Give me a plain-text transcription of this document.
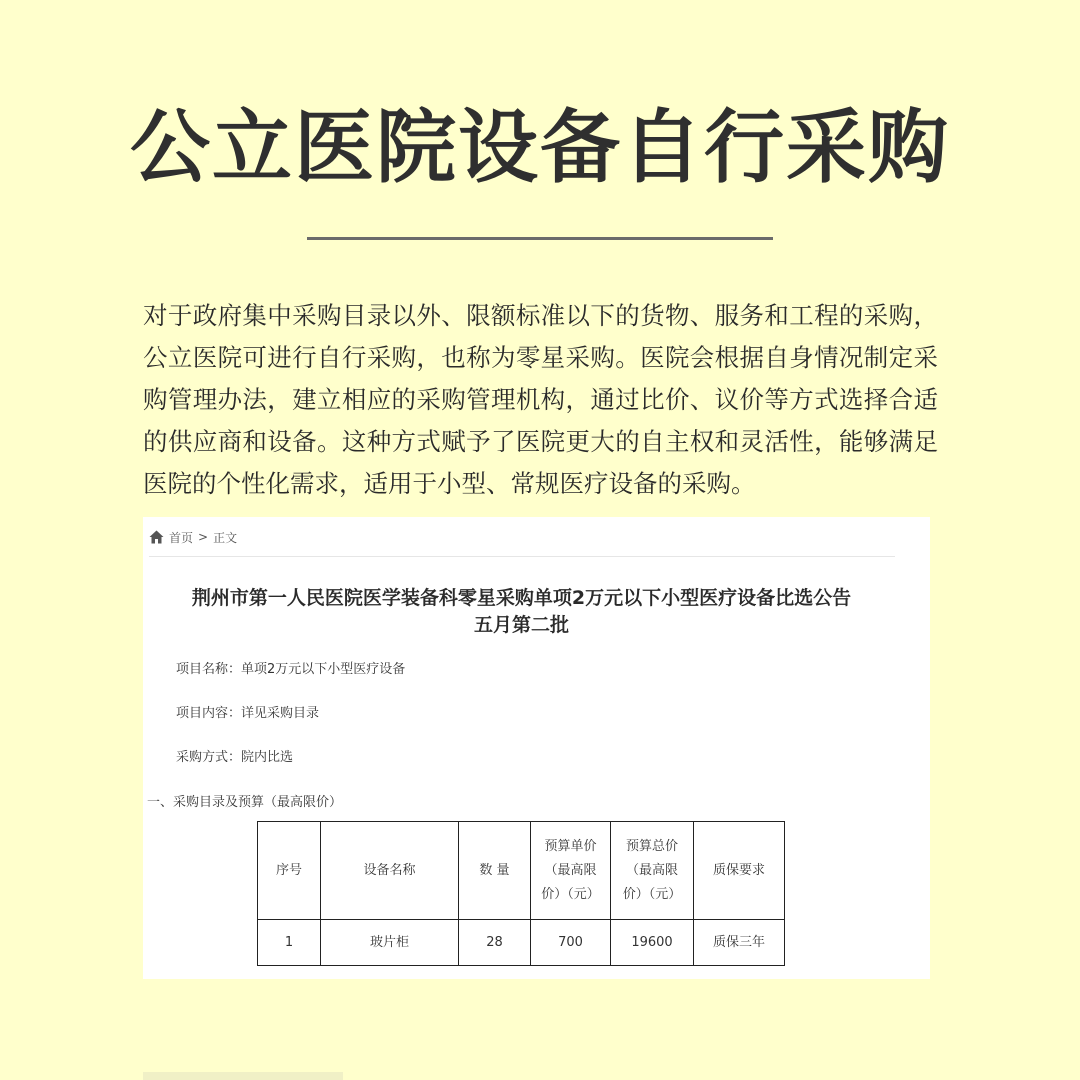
公立医院设备自行采购
对于政府集中采购目录以外、限额标准以下的货物、服务和工程的采购，公立医院可进行自行采购，也称为零星采购。医院会根据自身情况制定采购管理办法，建立相应的采购管理机构，通过比价、议价等方式选择合适的供应商和设备。这种方式赋予了医院更大的自主权和灵活性，能够满足医院的个性化需求，适用于小型、常规医疗设备的采购。
首页 > 正文
荆州市第一人民医院医学装备科零星采购单项2万元以下小型医疗设备比选公告
五月第二批
项目名称：单项2万元以下小型医疗设备
项目内容：详见采购目录
采购方式：院内比选
一、采购目录及预算（最高限价）
序号	设备名称	数 量	预算单价（最高限价）（元）	预算总价（最高限价）（元）	质保要求
1	玻片柜	28	700	19600	质保三年
